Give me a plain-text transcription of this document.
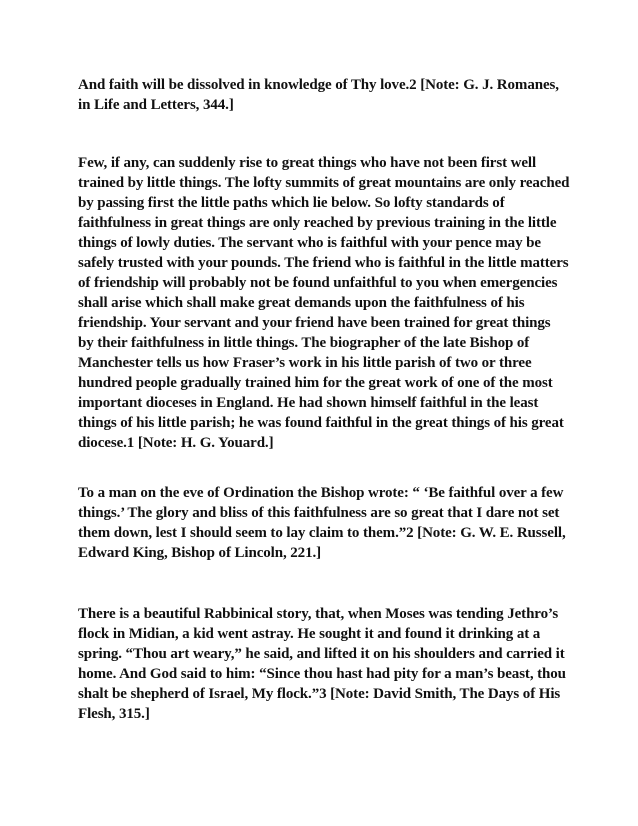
And faith will be dissolved in knowledge of Thy love.2 [Note: G. J. Romanes,
in Life and Letters, 344.]

Few, if any, can suddenly rise to great things who have not been first well
trained by little things. The lofty summits of great mountains are only reached
by passing first the little paths which lie below. So lofty standards of
faithfulness in great things are only reached by previous training in the little
things of lowly duties. The servant who is faithful with your pence may be
safely trusted with your pounds. The friend who is faithful in the little matters
of friendship will probably not be found unfaithful to you when emergencies
shall arise which shall make great demands upon the faithfulness of his
friendship. Your servant and your friend have been trained for great things
by their faithfulness in little things. The biographer of the late Bishop of
Manchester tells us how Fraser’s work in his little parish of two or three
hundred people gradually trained him for the great work of one of the most
important dioceses in England. He had shown himself faithful in the least
things of his little parish; he was found faithful in the great things of his great
diocese.1 [Note: H. G. Youard.]

To a man on the eve of Ordination the Bishop wrote: “ ‘Be faithful over a few
things.’ The glory and bliss of this faithfulness are so great that I dare not set
them down, lest I should seem to lay claim to them.”2 [Note: G. W. E. Russell,
Edward King, Bishop of Lincoln, 221.]

There is a beautiful Rabbinical story, that, when Moses was tending Jethro’s
flock in Midian, a kid went astray. He sought it and found it drinking at a
spring. “Thou art weary,” he said, and lifted it on his shoulders and carried it
home. And God said to him: “Since thou hast had pity for a man’s beast, thou
shalt be shepherd of Israel, My flock.”3 [Note: David Smith, The Days of His
Flesh, 315.]
